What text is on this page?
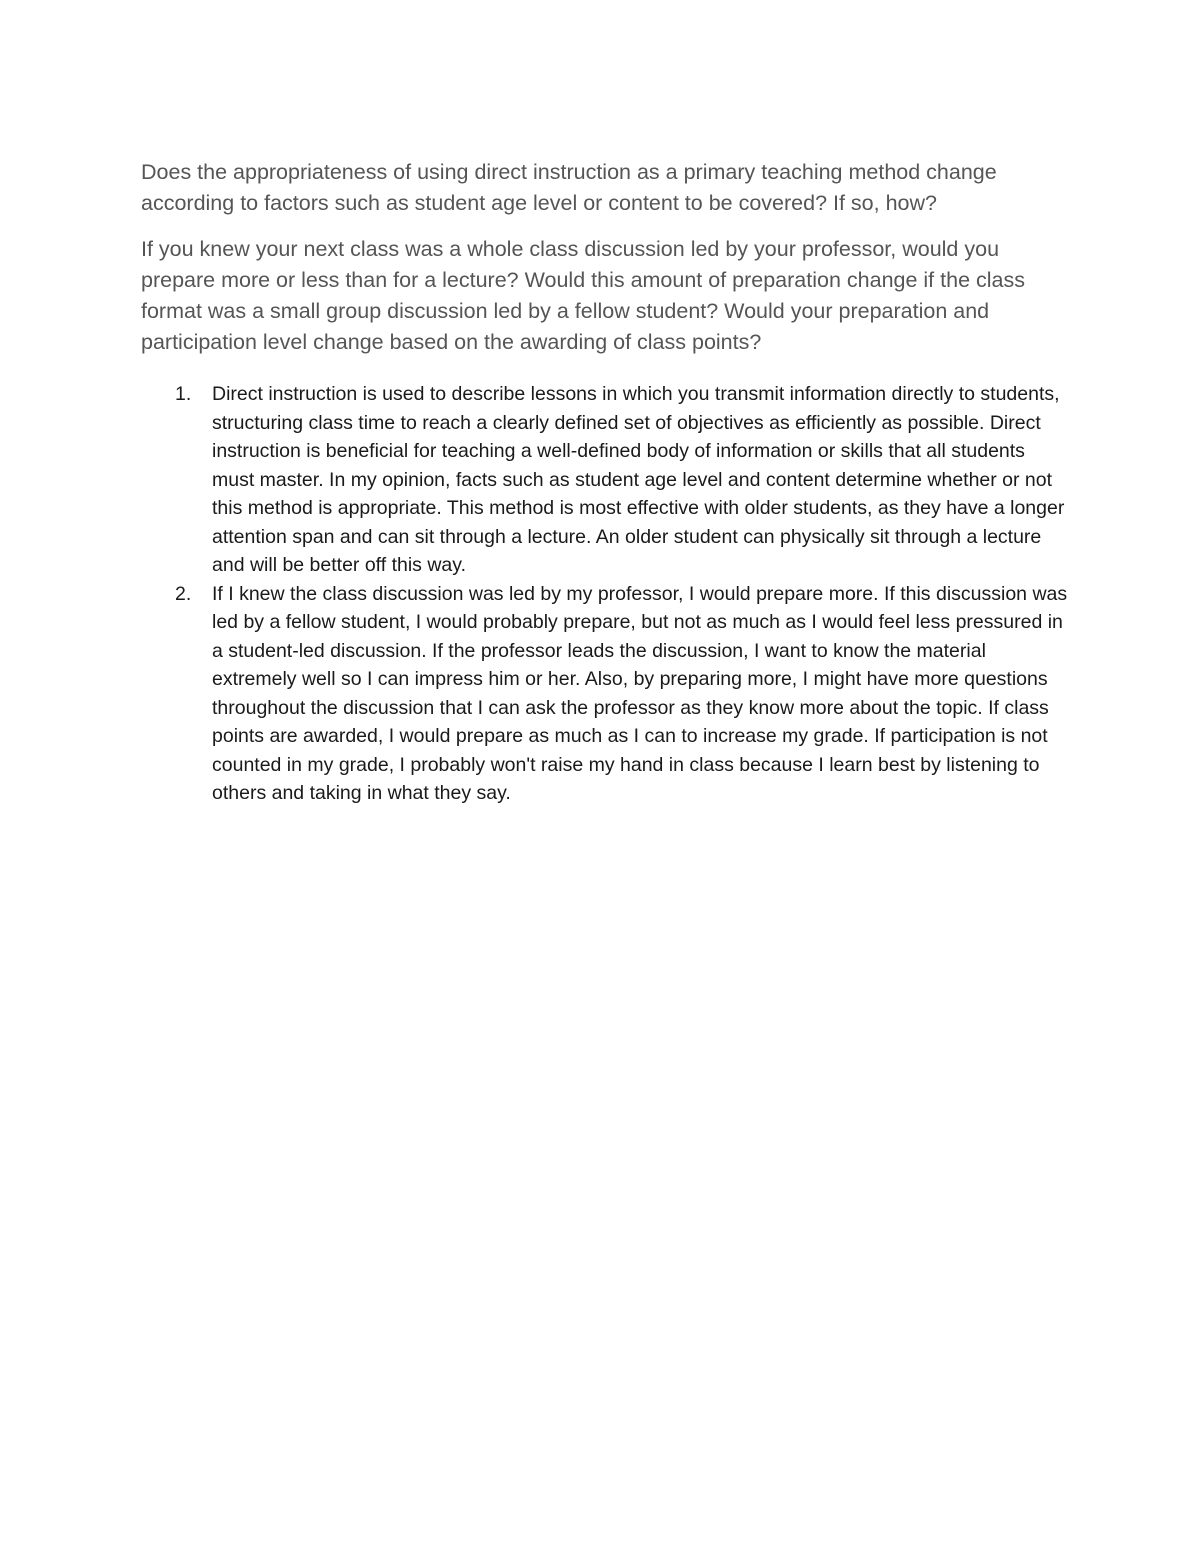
Does the appropriateness of using direct instruction as a primary teaching method change according to factors such as student age level or content to be covered? If so, how?

If you knew your next class was a whole class discussion led by your professor, would you prepare more or less than for a lecture? Would this amount of preparation change if the class format was a small group discussion led by a fellow student? Would your preparation and participation level change based on the awarding of class points?

1. Direct instruction is used to describe lessons in which you transmit information directly to students, structuring class time to reach a clearly defined set of objectives as efficiently as possible. Direct instruction is beneficial for teaching a well-defined body of information or skills that all students must master. In my opinion, facts such as student age level and content determine whether or not this method is appropriate. This method is most effective with older students, as they have a longer attention span and can sit through a lecture. An older student can physically sit through a lecture and will be better off this way.
2. If I knew the class discussion was led by my professor, I would prepare more. If this discussion was led by a fellow student, I would probably prepare, but not as much as I would feel less pressured in a student-led discussion. If the professor leads the discussion, I want to know the material extremely well so I can impress him or her. Also, by preparing more, I might have more questions throughout the discussion that I can ask the professor as they know more about the topic. If class points are awarded, I would prepare as much as I can to increase my grade. If participation is not counted in my grade, I probably won't raise my hand in class because I learn best by listening to others and taking in what they say.
